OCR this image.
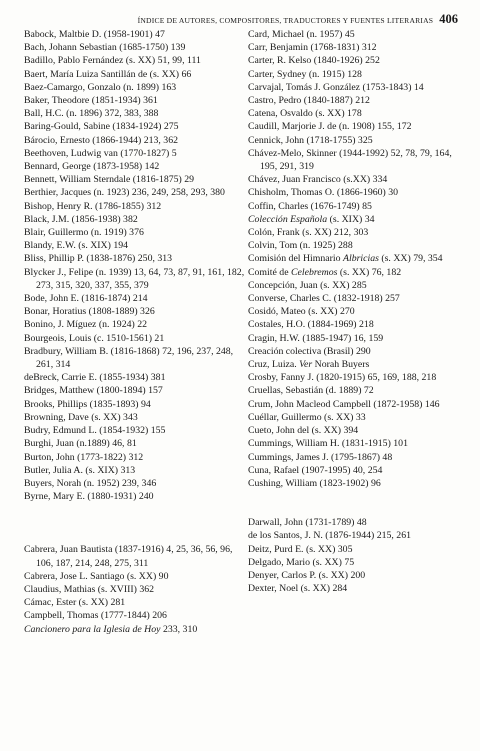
ÍNDICE DE AUTORES, COMPOSITORES, TRADUCTORES Y FUENTES LITERARIAS 406
Babock, Maltbie D. (1958-1901) 47
Bach, Johann Sebastian (1685-1750) 139
Badillo, Pablo Fernández (s. XX) 51, 99, 111
Baert, María Luiza Santillán de (s. XX) 66
Baez-Camargo, Gonzalo (n. 1899) 163
Baker, Theodore (1851-1934) 361
Ball, H.C. (n. 1896) 372, 383, 388
Baring-Gould, Sabine (1834-1924) 275
Bárocio, Ernesto (1866-1944) 213, 362
Beethoven, Ludwig van (1770-1827) 5
Bennard, George (1873-1958) 142
Bennett, William Sterndale (1816-1875) 29
Berthier, Jacques (n. 1923) 236, 249, 258, 293, 380
Bishop, Henry R. (1786-1855) 312
Black, J.M. (1856-1938) 382
Blair, Guillermo (n. 1919) 376
Blandy, E.W. (s. XIX) 194
Bliss, Phillip P. (1838-1876) 250, 313
Blycker J., Felipe (n. 1939) 13, 64, 73, 87, 91, 161, 182, 273, 315, 320, 337, 355, 379
Bode, John E. (1816-1874) 214
Bonar, Horatius (1808-1889) 326
Bonino, J. Míguez (n. 1924) 22
Bourgeois, Louis (c. 1510-1561) 21
Bradbury, William B. (1816-1868) 72, 196, 237, 248, 261, 314
deBreck, Carrie E. (1855-1934) 381
Bridges, Matthew (1800-1894) 157
Brooks, Phillips (1835-1893) 94
Browning, Dave (s. XX) 343
Budry, Edmund L. (1854-1932) 155
Burghi, Juan (n.1889) 46, 81
Burton, John (1773-1822) 312
Butler, Julia A. (s. XIX) 313
Buyers, Norah (n. 1952) 239, 346
Byrne, Mary E. (1880-1931) 240
Cabrera, Juan Bautista (1837-1916) 4, 25, 36, 56, 96, 106, 187, 214, 248, 275, 311
Cabrera, Jose L. Santiago (s. XX) 90
Claudius, Mathias (s. XVIII) 362
Cámac, Ester (s. XX) 281
Campbell, Thomas (1777-1844) 206
Cancionero para la Iglesia de Hoy 233, 310
Card, Michael (n. 1957) 45
Carr, Benjamin (1768-1831) 312
Carter, R. Kelso (1840-1926) 252
Carter, Sydney (n. 1915) 128
Carvajal, Tomás J. González (1753-1843) 14
Castro, Pedro (1840-1887) 212
Catena, Osvaldo (s. XX) 178
Caudill, Marjorie J. de (n. 1908) 155, 172
Cennick, John (1718-1755) 325
Chávez-Melo, Skinner (1944-1992) 52, 78, 79, 164, 195, 291, 319
Chávez, Juan Francisco (s.XX) 334
Chisholm, Thomas O. (1866-1960) 30
Coffin, Charles (1676-1749) 85
Colección Española (s. XIX) 34
Colón, Frank (s. XX) 212, 303
Colvin, Tom (n. 1925) 288
Comisión del Himnario Albricias (s. XX) 79, 354
Comité de Celebremos (s. XX) 76, 182
Concepción, Juan (s. XX) 285
Converse, Charles C. (1832-1918) 257
Cosidó, Mateo (s. XX) 270
Costales, H.O. (1884-1969) 218
Cragin, H.W. (1885-1947) 16, 159
Creación colectiva (Brasil) 290
Cruz, Luiza. Ver Norah Buyers
Crosby, Fanny J. (1820-1915) 65, 169, 188, 218
Cruellas, Sebastián (d. 1889) 72
Crum, John Macleod Campbell (1872-1958) 146
Cuéllar, Guillermo (s. XX) 33
Cueto, John del (s. XX) 394
Cummings, William H. (1831-1915) 101
Cummings, James J. (1795-1867) 48
Cuna, Rafael (1907-1995) 40, 254
Cushing, William (1823-1902) 96
Darwall, John (1731-1789) 48
de los Santos, J. N. (1876-1944) 215, 261
Deitz, Purd E. (s. XX) 305
Delgado, Mario (s. XX) 75
Denyer, Carlos P. (s. XX) 200
Dexter, Noel (s. XX) 284
